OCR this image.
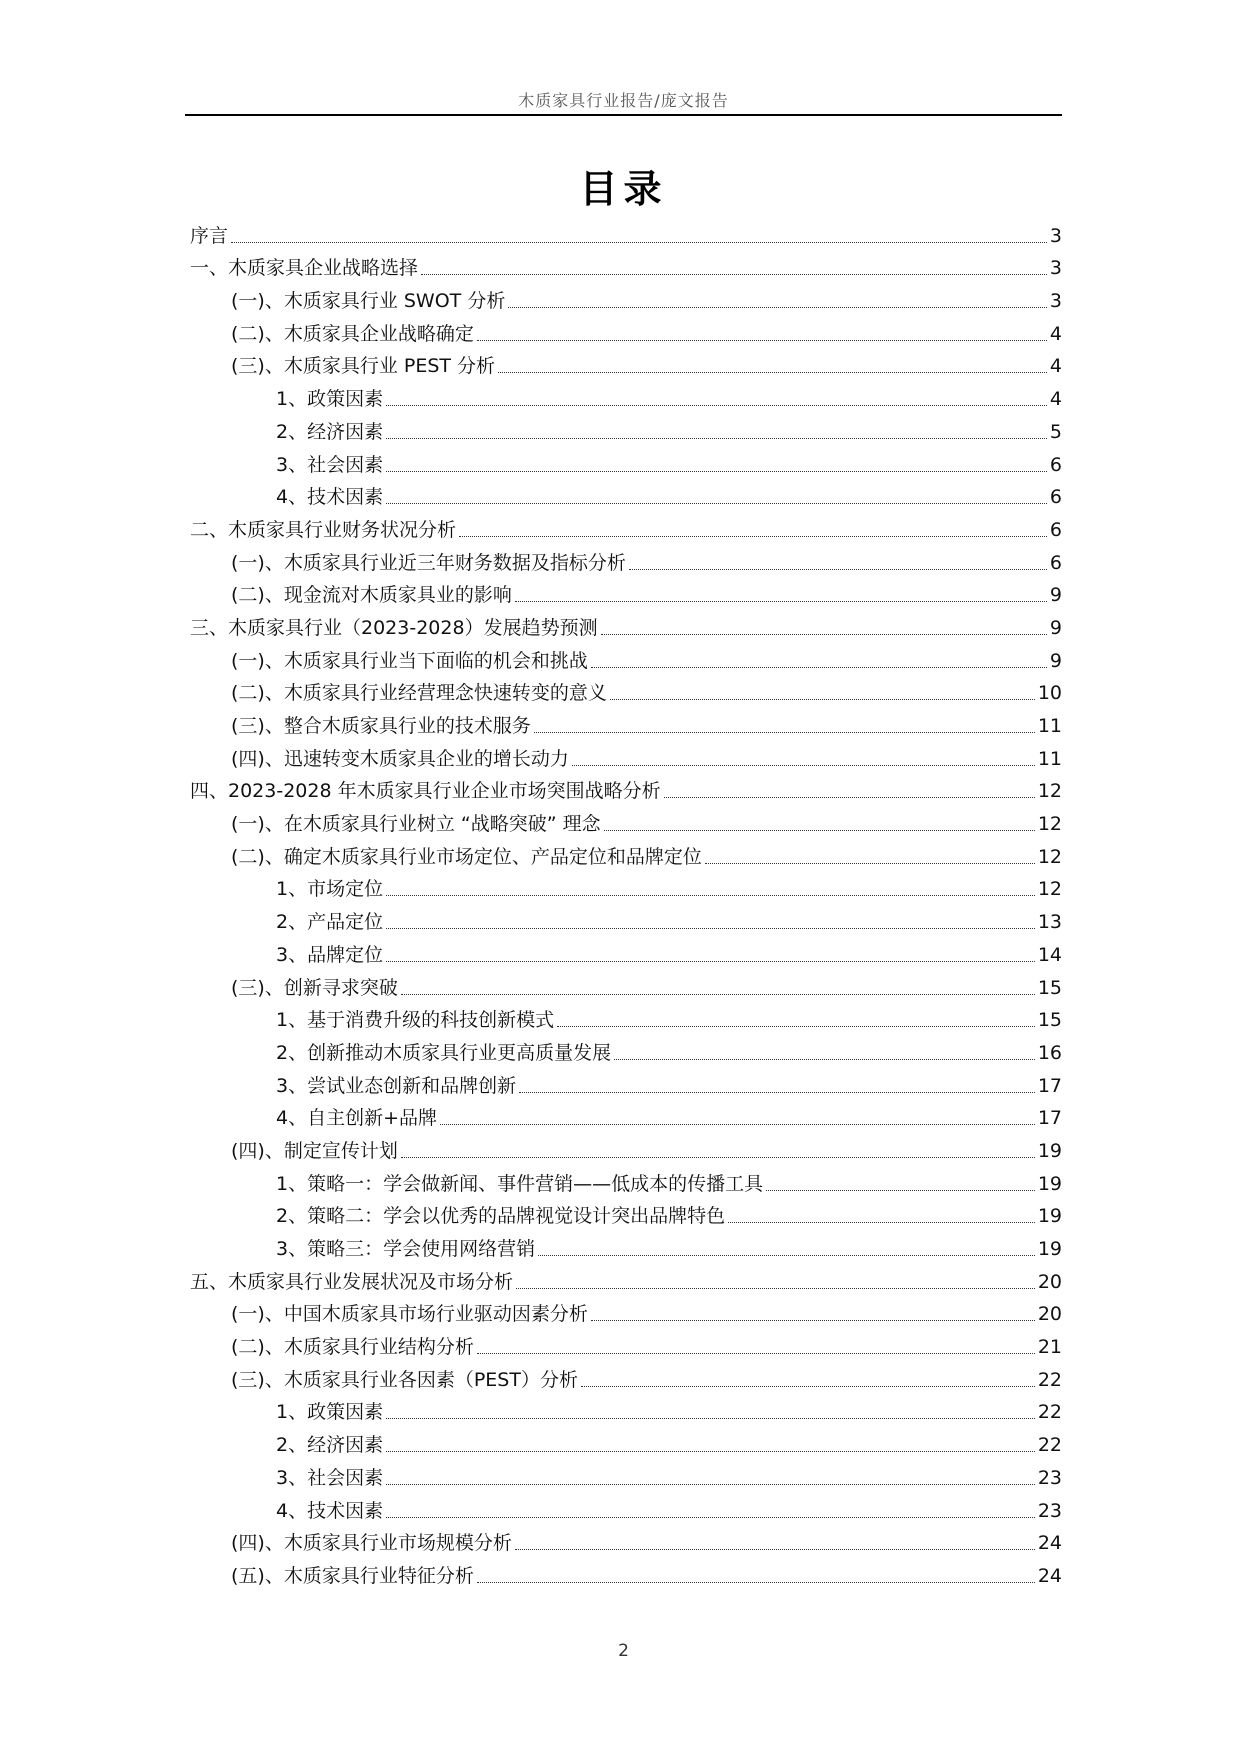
木质家具行业报告/庞文报告
目录
序言	3
一、木质家具企业战略选择	3
(一)、木质家具行业 SWOT 分析	3
(二)、木质家具企业战略确定	4
(三)、木质家具行业 PEST 分析	4
1、政策因素	4
2、经济因素	5
3、社会因素	6
4、技术因素	6
二、木质家具行业财务状况分析	6
(一)、木质家具行业近三年财务数据及指标分析	6
(二)、现金流对木质家具业的影响	9
三、木质家具行业（2023-2028）发展趋势预测	9
(一)、木质家具行业当下面临的机会和挑战	9
(二)、木质家具行业经营理念快速转变的意义	10
(三)、整合木质家具行业的技术服务	11
(四)、迅速转变木质家具企业的增长动力	11
四、2023-2028 年木质家具行业企业市场突围战略分析	12
(一)、在木质家具行业树立 “战略突破” 理念	12
(二)、确定木质家具行业市场定位、产品定位和品牌定位	12
1、市场定位	12
2、产品定位	13
3、品牌定位	14
(三)、创新寻求突破	15
1、基于消费升级的科技创新模式	15
2、创新推动木质家具行业更高质量发展	16
3、尝试业态创新和品牌创新	17
4、自主创新+品牌	17
(四)、制定宣传计划	19
1、策略一：学会做新闻、事件营销——低成本的传播工具	19
2、策略二：学会以优秀的品牌视觉设计突出品牌特色	19
3、策略三：学会使用网络营销	19
五、木质家具行业发展状况及市场分析	20
(一)、中国木质家具市场行业驱动因素分析	20
(二)、木质家具行业结构分析	21
(三)、木质家具行业各因素（PEST）分析	22
1、政策因素	22
2、经济因素	22
3、社会因素	23
4、技术因素	23
(四)、木质家具行业市场规模分析	24
(五)、木质家具行业特征分析	24
2
